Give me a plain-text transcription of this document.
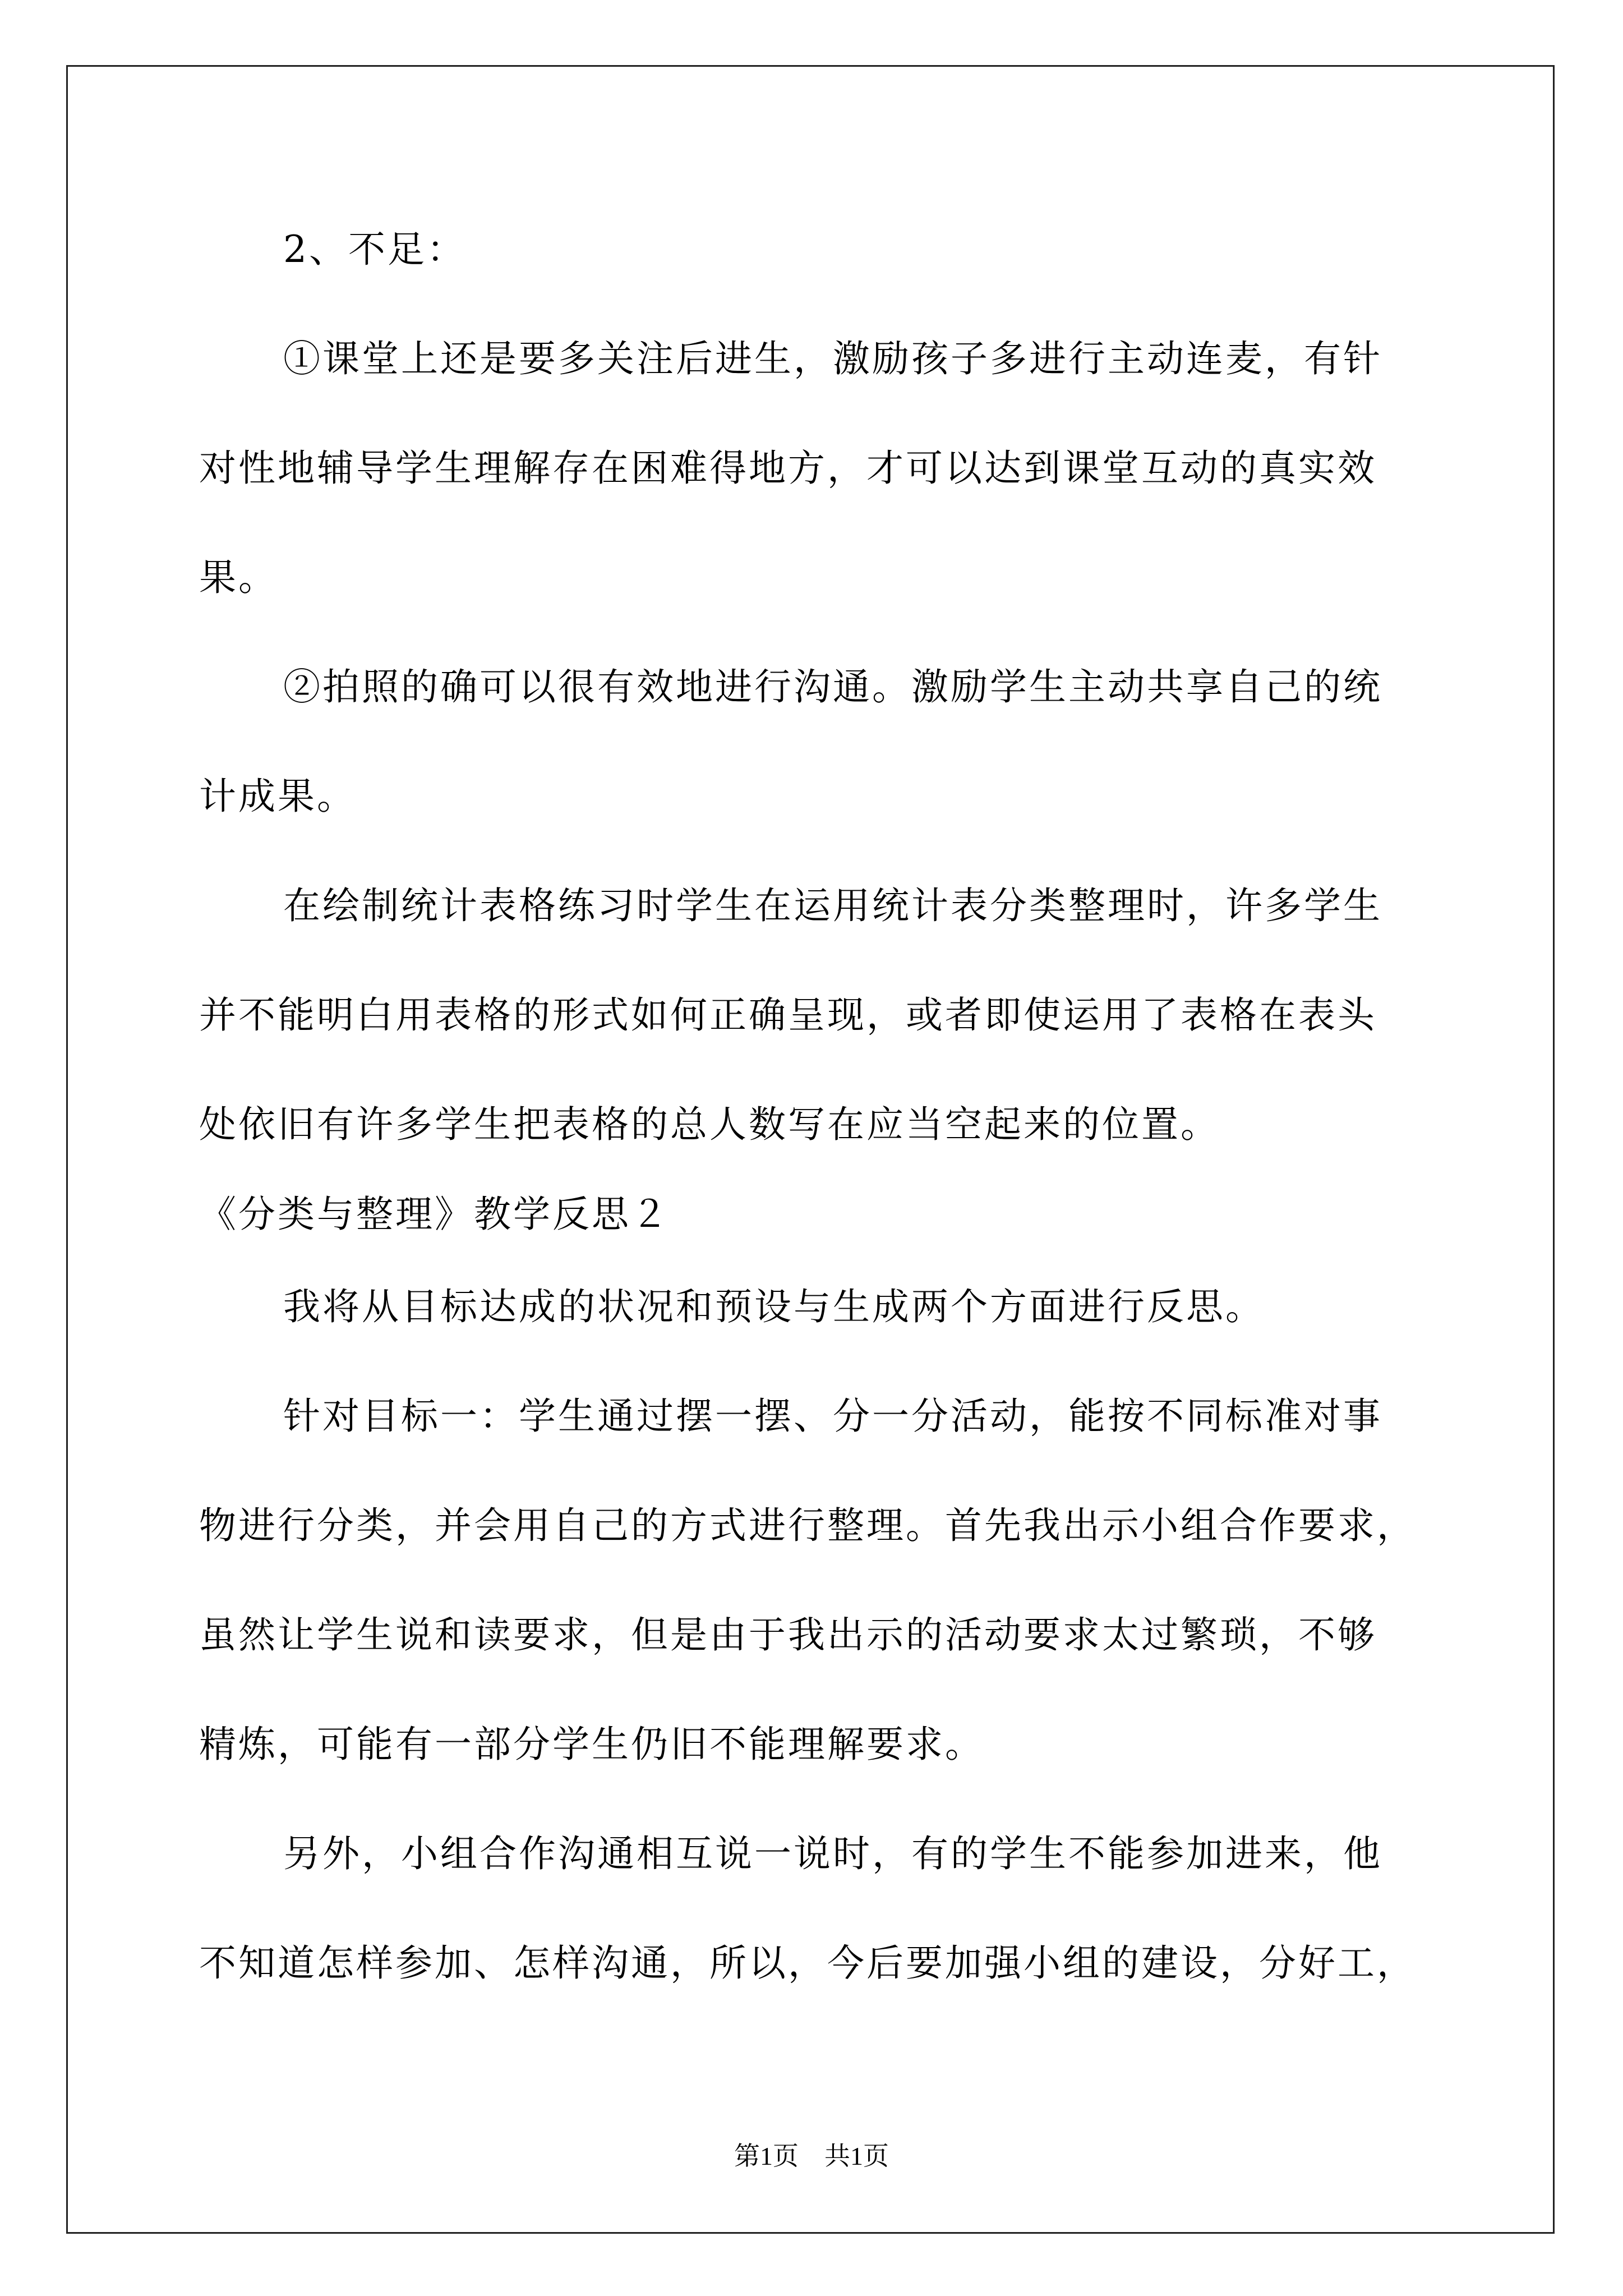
2、不足：
①课堂上还是要多关注后进生，激励孩子多进行主动连麦，有针
对性地辅导学生理解存在困难得地方，才可以达到课堂互动的真实效
果。
②拍照的确可以很有效地进行沟通。激励学生主动共享自己的统
计成果。
在绘制统计表格练习时学生在运用统计表分类整理时，许多学生
并不能明白用表格的形式如何正确呈现，或者即使运用了表格在表头
处依旧有许多学生把表格的总人数写在应当空起来的位置。
《分类与整理》教学反思２
我将从目标达成的状况和预设与生成两个方面进行反思。
针对目标一：学生通过摆一摆、分一分活动，能按不同标准对事
物进行分类，并会用自己的方式进行整理。首先我出示小组合作要求，
虽然让学生说和读要求，但是由于我出示的活动要求太过繁琐，不够
精炼，可能有一部分学生仍旧不能理解要求。
另外，小组合作沟通相互说一说时，有的学生不能参加进来，他
不知道怎样参加、怎样沟通，所以，今后要加强小组的建设，分好工，
第1页　共1页
